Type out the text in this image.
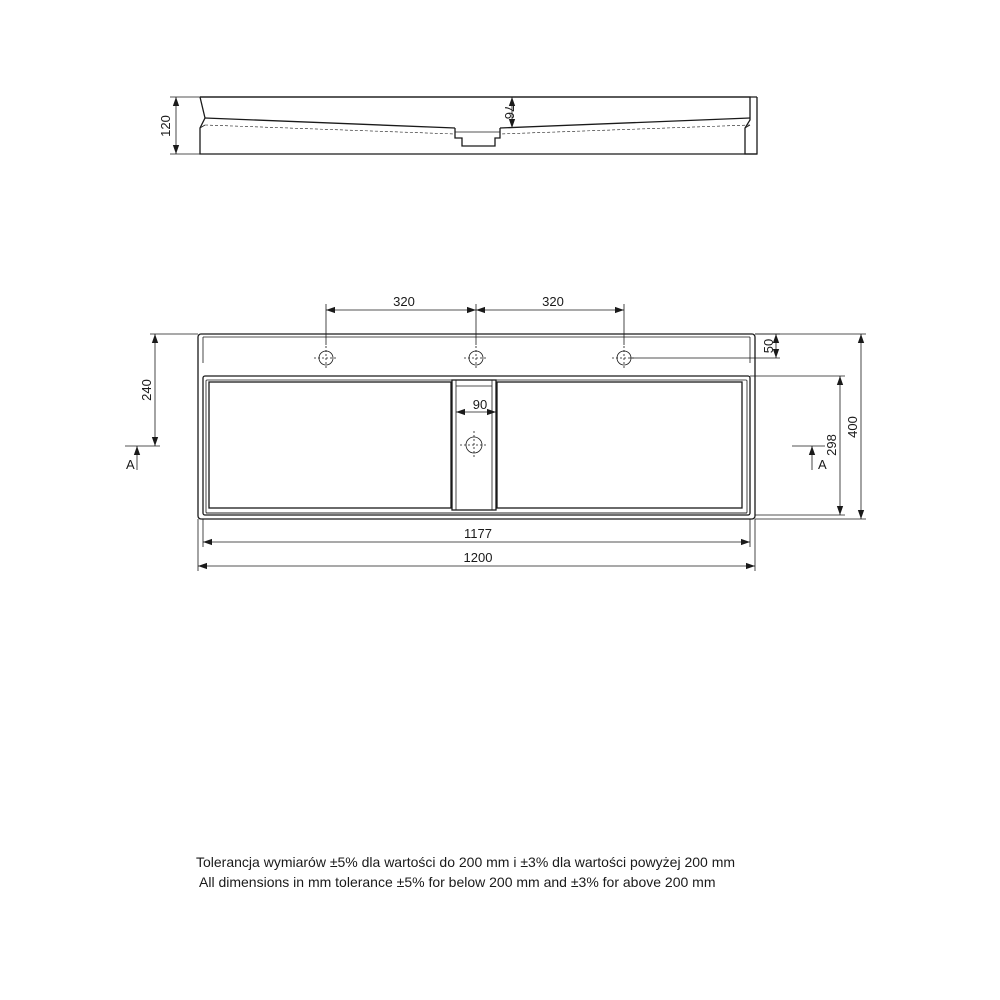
120
76
320	320
240
A	A
50
298
400
90
1177
1200
Tolerancja wymiarów ±5% dla wartości do 200 mm i ±3% dla wartości powyżej 200 mm
All dimensions in mm tolerance ±5% for below 200 mm and ±3% for above 200 mm
